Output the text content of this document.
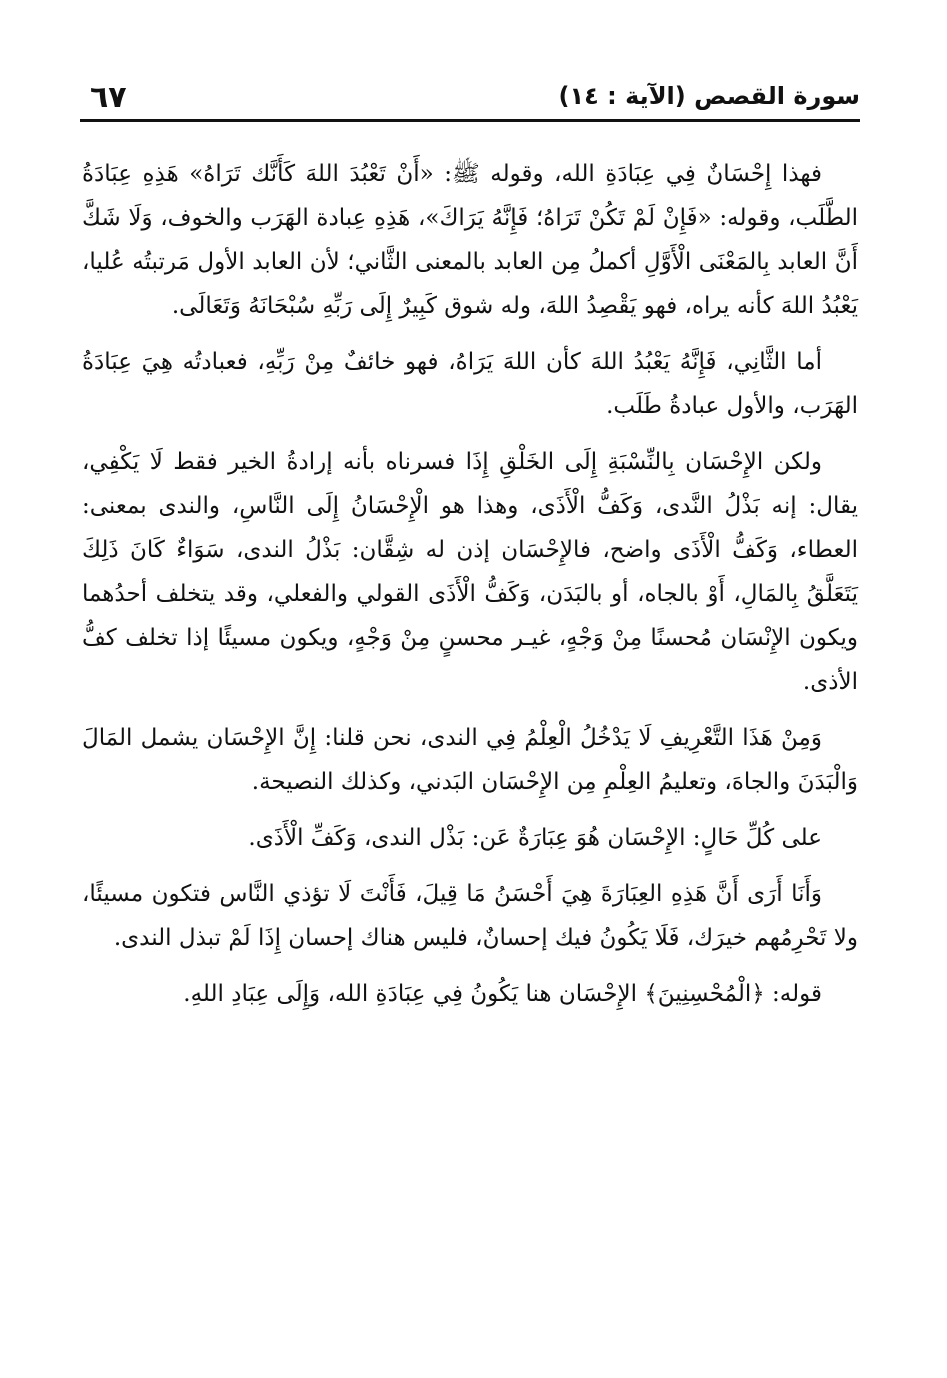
سورة القصص (الآية : ١٤)
٦٧

فهذا إِحْسَانٌ فِي عِبَادَةِ الله، وقوله ﷺ: «أَنْ تَعْبُدَ اللهَ كَأَنَّك تَرَاهُ» هَذِهِ عِبَادَةُ الطَّلَب، وقوله: «فَإِنْ لَمْ تَكُنْ تَرَاهُ؛ فَإِنَّهُ يَرَاكَ»، هَذِهِ عِبادة الهَرَب والخوف، وَلَا شَكَّ أَنَّ العابد بِالمَعْنَى الْأَوَّلِ أكملُ مِن العابد بالمعنى الثَّاني؛ لأن العابد الأول مَرتبتُه عُليا، يَعْبُدُ اللهَ كأنه يراه، فهو يَقْصِدُ اللهَ، وله شوق كَبِيرٌ إِلَى رَبِّهِ سُبْحَانَهُ وَتَعَالَى.

أما الثَّانِي، فَإِنَّهُ يَعْبُدُ اللهَ كأن اللهَ يَرَاهُ، فهو خائفٌ مِنْ رَبِّهِ، فعبادتُه هِيَ عِبَادَةُ الهَرَب، والأول عبادةُ طَلَب.

ولكن الإِحْسَان بِالنِّسْبَةِ إِلَى الخَلْقِ إِذَا فسرناه بأنه إرادةُ الخير فقط لَا يَكْفِي، يقال: إنه بَذْلُ النَّدى، وَكَفُّ الْأَذَى، وهذا هو الْإِحْسَانُ إِلَى النَّاسِ، والندى بمعنى: العطاء، وَكَفُّ الْأَذَى واضح، فالإِحْسَان إذن له شِقَّان: بَذْلُ الندى، سَوَاءٌ كَانَ ذَلِكَ يَتَعَلَّقُ بِالمَالِ، أَوْ بالجاه، أو بالبَدَن، وَكَفُّ الْأَذَى القولي والفعلي، وقد يتخلف أحدُهما ويكون الإِنْسَان مُحسنًا مِنْ وَجْهٍ، غيـر محسنٍ مِنْ وَجْهٍ، ويكون مسيئًا إذا تخلف كفُّ الأذى.

وَمِنْ هَذَا التَّعْرِيفِ لَا يَدْخُلُ الْعِلْمُ فِي الندى، نحن قلنا: إِنَّ الإِحْسَان يشمل المَالَ وَالْبَدَنَ والجاهَ، وتعليمُ العِلْمِ مِن الإِحْسَان البَدني، وكذلك النصيحة.

على كُلِّ حَالٍ: الإِحْسَان هُوَ عِبَارَةٌ عَن: بَذْل الندى، وَكَفِّ الْأَذَى.

وَأَنَا أَرَى أَنَّ هَذِهِ العِبَارَةَ هِيَ أَحْسَنُ مَا قِيلَ، فَأَنْتَ لَا تؤذي النَّاس فتكون مسيئًا، ولا تَحْرِمُهم خيرَك، فَلَا يَكُونُ فيك إحسانٌ، فليس هناك إحسان إِذَا لَمْ تبذل الندى.

قوله: ﴿الْمُحْسِنِينَ﴾ الإِحْسَان هنا يَكُونُ فِي عِبَادَةِ الله، وَإِلَى عِبَادِ اللهِ.
